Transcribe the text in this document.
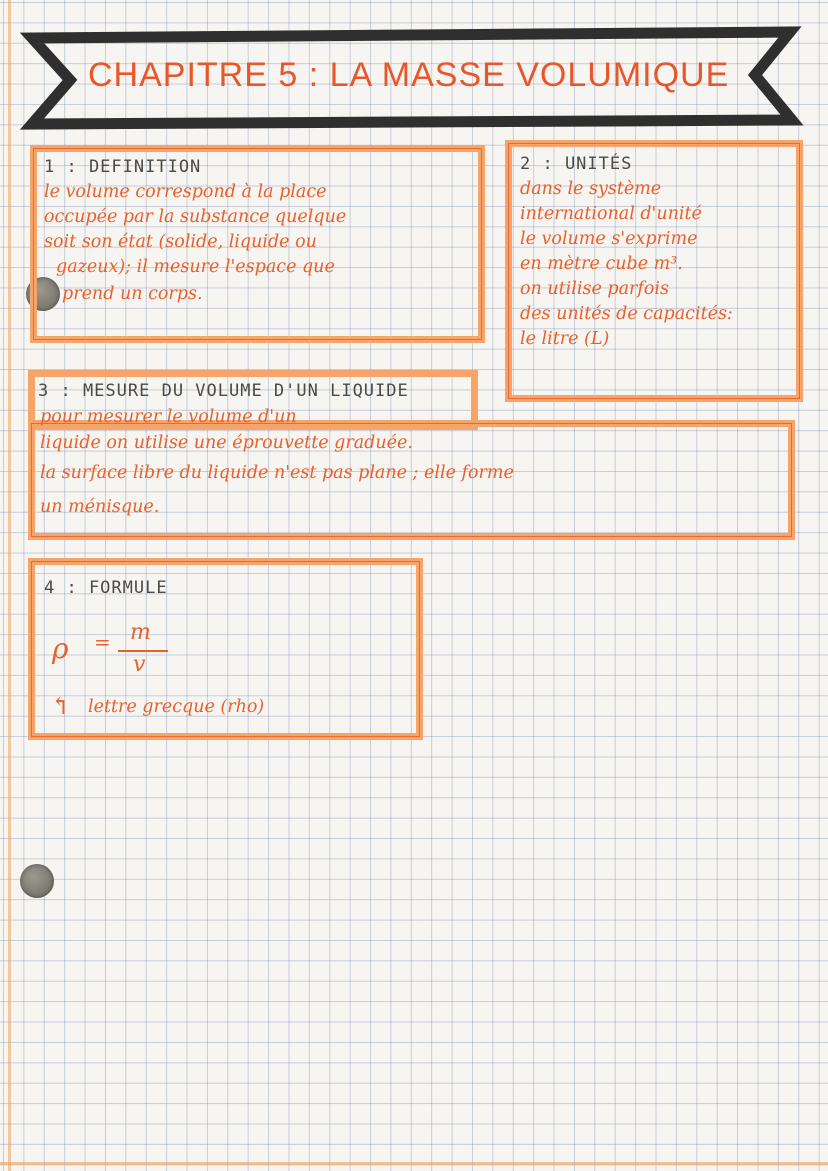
CHAPITRE 5 : LA MASSE VOLUMIQUE
1 : DEFINITION
le volume correspond à la place
occupée par la substance quelque
soit son état (solide, liquide ou
gazeux); il mesure l'espace que
prend un corps.
2 : UNITÉS
dans le système
international d'unité
le volume s'exprime
en mètre cube m³.
on utilise parfois
des unités de capacités:
le litre (L)
3 : MESURE DU VOLUME D'UN LIQUIDE
pour mesurer le volume d'un
liquide on utilise une éprouvette graduée.
la surface libre du liquide n'est pas plane ; elle forme
un ménisque.
4 : FORMULE
ρ = m
v
↰ lettre grecque (rho)
